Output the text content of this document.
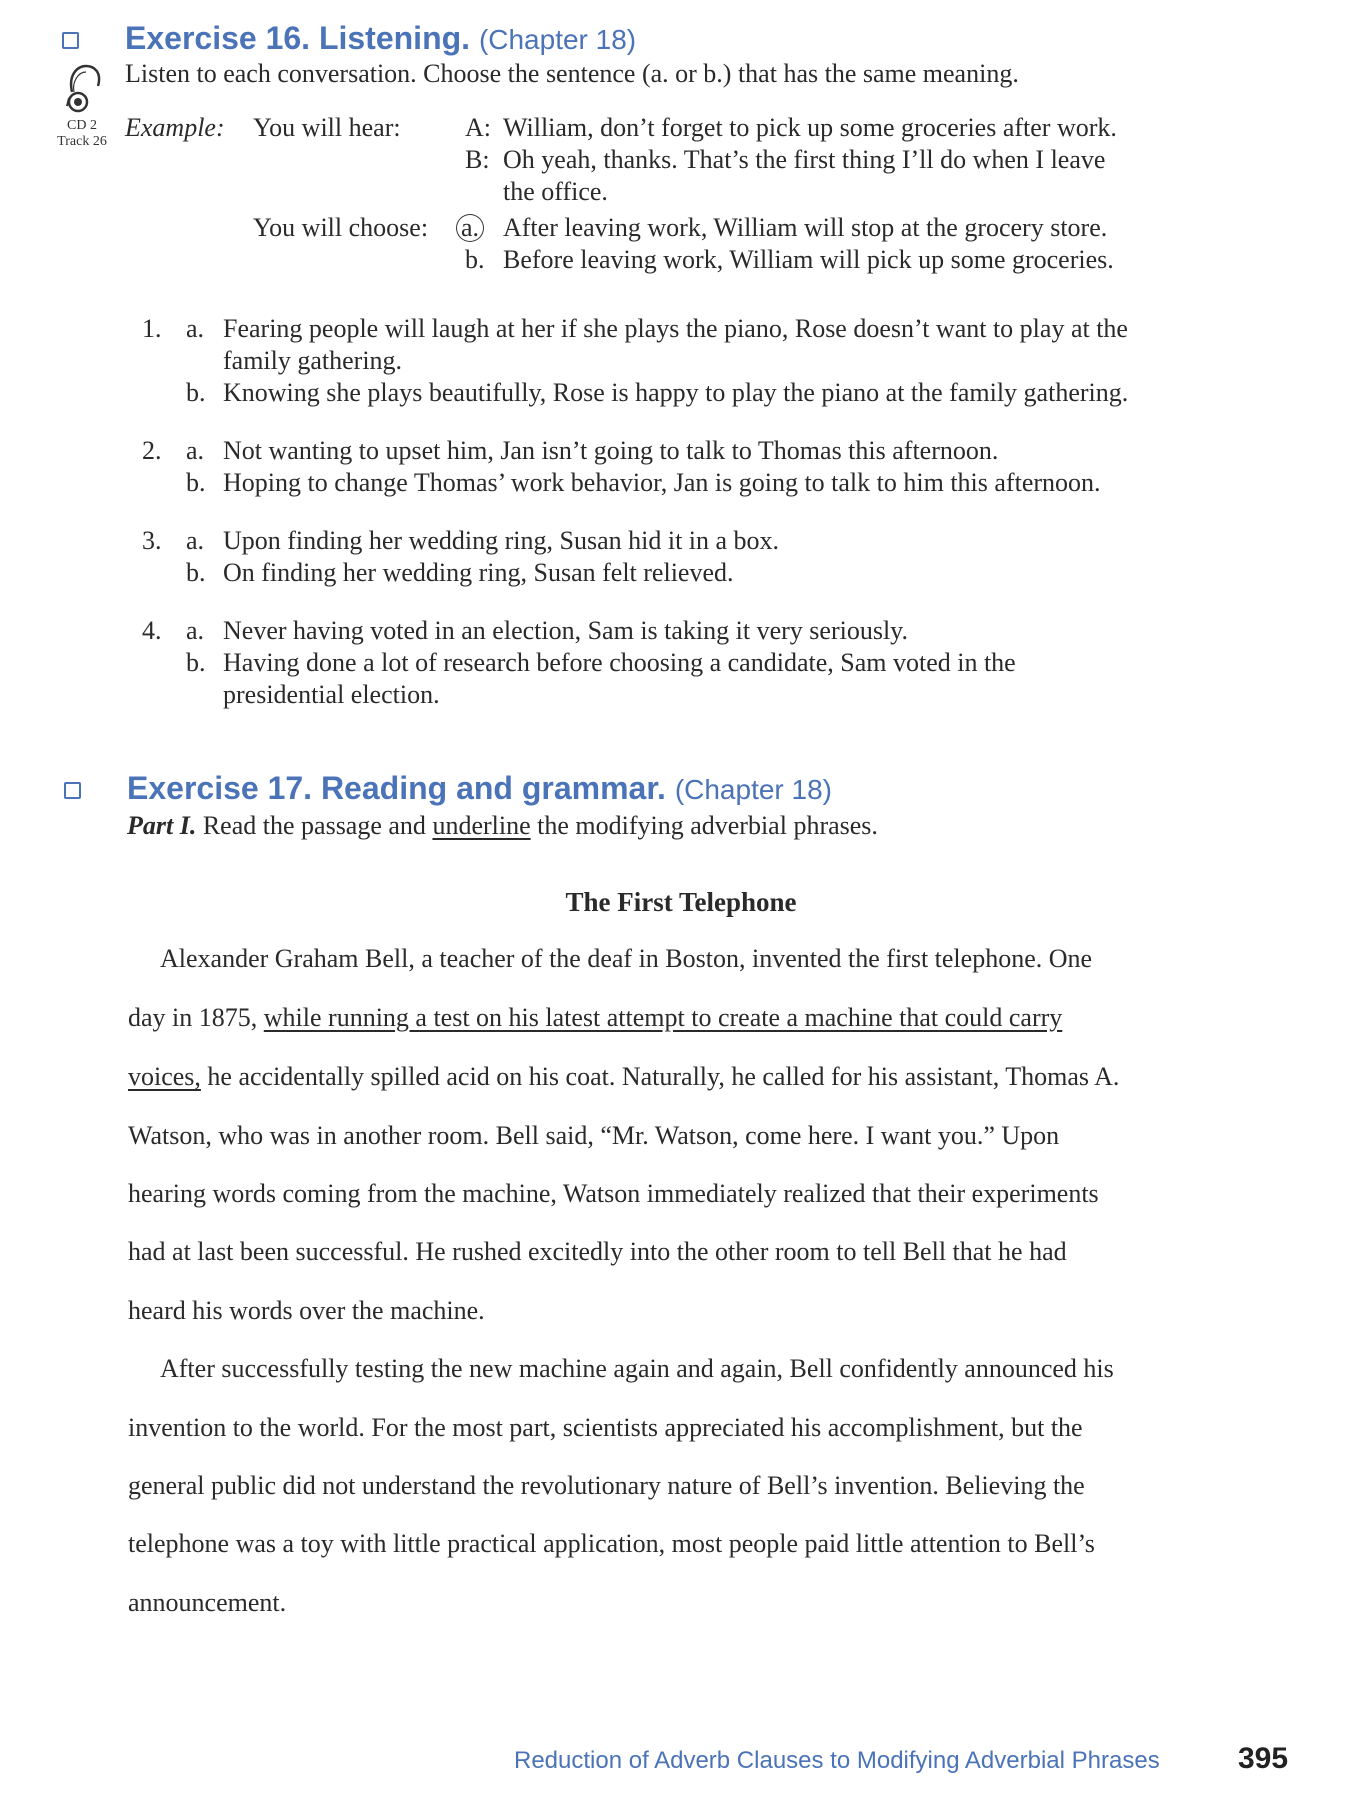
Exercise 16. Listening. (Chapter 18)
Listen to each conversation. Choose the sentence (a. or b.) that has the same meaning.
CD 2
Track 26 Example: You will hear: A: William, don’t forget to pick up some groceries after work.
B: Oh yeah, thanks. That’s the first thing I’ll do when I leave
the office.
You will choose: a. After leaving work, William will stop at the grocery store.
b. Before leaving work, William will pick up some groceries.
1. a. Fearing people will laugh at her if she plays the piano, Rose doesn’t want to play at the
family gathering.
b. Knowing she plays beautifully, Rose is happy to play the piano at the family gathering.
2. a. Not wanting to upset him, Jan isn’t going to talk to Thomas this afternoon.
b. Hoping to change Thomas’ work behavior, Jan is going to talk to him this afternoon.
3. a. Upon finding her wedding ring, Susan hid it in a box.
b. On finding her wedding ring, Susan felt relieved.
4. a. Never having voted in an election, Sam is taking it very seriously.
b. Having done a lot of research before choosing a candidate, Sam voted in the
presidential election.
Exercise 17. Reading and grammar. (Chapter 18)
Part I. Read the passage and underline the modifying adverbial phrases.
The First Telephone
Alexander Graham Bell, a teacher of the deaf in Boston, invented the first telephone. One
day in 1875, while running a test on his latest attempt to create a machine that could carry
voices, he accidentally spilled acid on his coat. Naturally, he called for his assistant, Thomas A.
Watson, who was in another room. Bell said, “Mr. Watson, come here. I want you.” Upon
hearing words coming from the machine, Watson immediately realized that their experiments
had at last been successful. He rushed excitedly into the other room to tell Bell that he had
heard his words over the machine.
After successfully testing the new machine again and again, Bell confidently announced his
invention to the world. For the most part, scientists appreciated his accomplishment, but the
general public did not understand the revolutionary nature of Bell’s invention. Believing the
telephone was a toy with little practical application, most people paid little attention to Bell’s
announcement.
Reduction of Adverb Clauses to Modifying Adverbial Phrases	395
